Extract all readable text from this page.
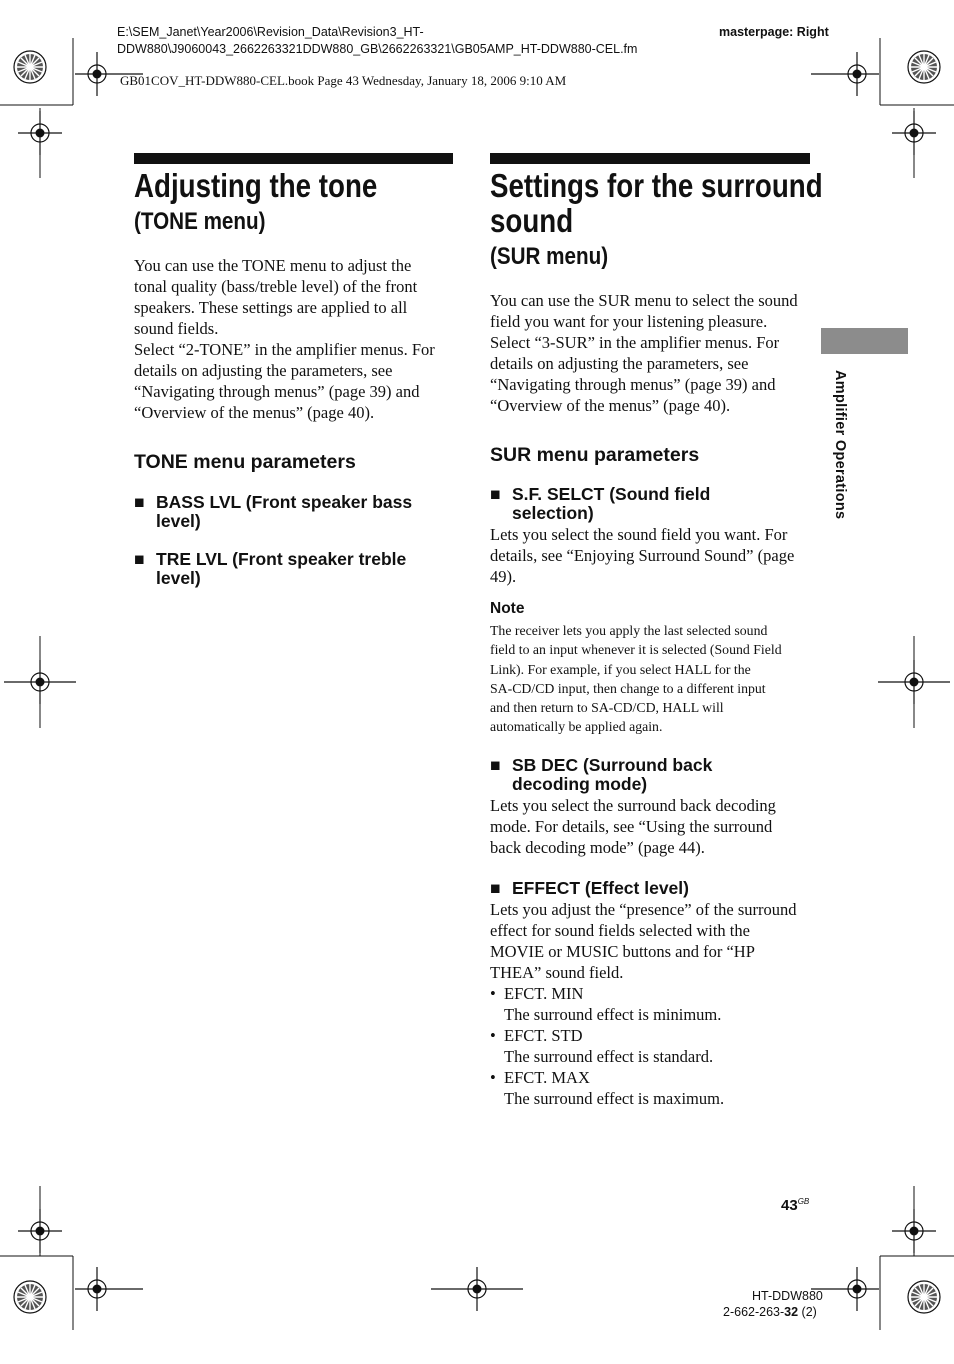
E:\SEM_Janet\Year2006\Revision_Data\Revision3_HT-
DDW880\J9060043_2662263321DDW880_GB\2662263321\GB05AMP_HT-DDW880-CEL.fm
masterpage: Right
GB01COV_HT-DDW880-CEL.book Page 43 Wednesday, January 18, 2006 9:10 AM
Adjusting the tone
(TONE menu)

You can use the TONE menu to adjust the

tonal quality (bass/treble level) of the front

speakers. These settings are applied to all

sound fields.

Select “2-TONE” in the amplifier menus. For

details on adjusting the parameters, see

“Navigating through menus” (page 39) and

“Overview of the menus” (page 40).

TONE menu parameters
■ BASS LVL (Front speaker bass
level)
■ TRE LVL (Front speaker treble
level)
Settings for the surround
sound
(SUR menu)

You can use the SUR menu to select the sound

field you want for your listening pleasure.

Select “3-SUR” in the amplifier menus. For

details on adjusting the parameters, see

“Navigating through menus” (page 39) and

“Overview of the menus” (page 40).

SUR menu parameters
■ S.F. SELCT (Sound field
selection)

Lets you select the sound field you want. For

details, see “Enjoying Surround Sound” (page

49).

Note
The receiver lets you apply the last selected sound
field to an input whenever it is selected (Sound Field
Link). For example, if you select HALL for the
SA-CD/CD input, then change to a different input
and then return to SA-CD/CD, HALL will
automatically be applied again.
■ SB DEC (Surround back
decoding mode)

Lets you select the surround back decoding

mode. For details, see “Using the surround

back decoding mode” (page 44).

■ EFFECT (Effect level)

Lets you adjust the “presence” of the surround

effect for sound fields selected with the

MOVIE or MUSIC buttons and for “HP

THEA” sound field.

• EFCT. MIN
The surround effect is minimum.
• EFCT. STD
The surround effect is standard.
• EFCT. MAX
The surround effect is maximum.
Amplifier Operations
$43^{GB}$
HT-DDW880
2-662-263-32 (2)
